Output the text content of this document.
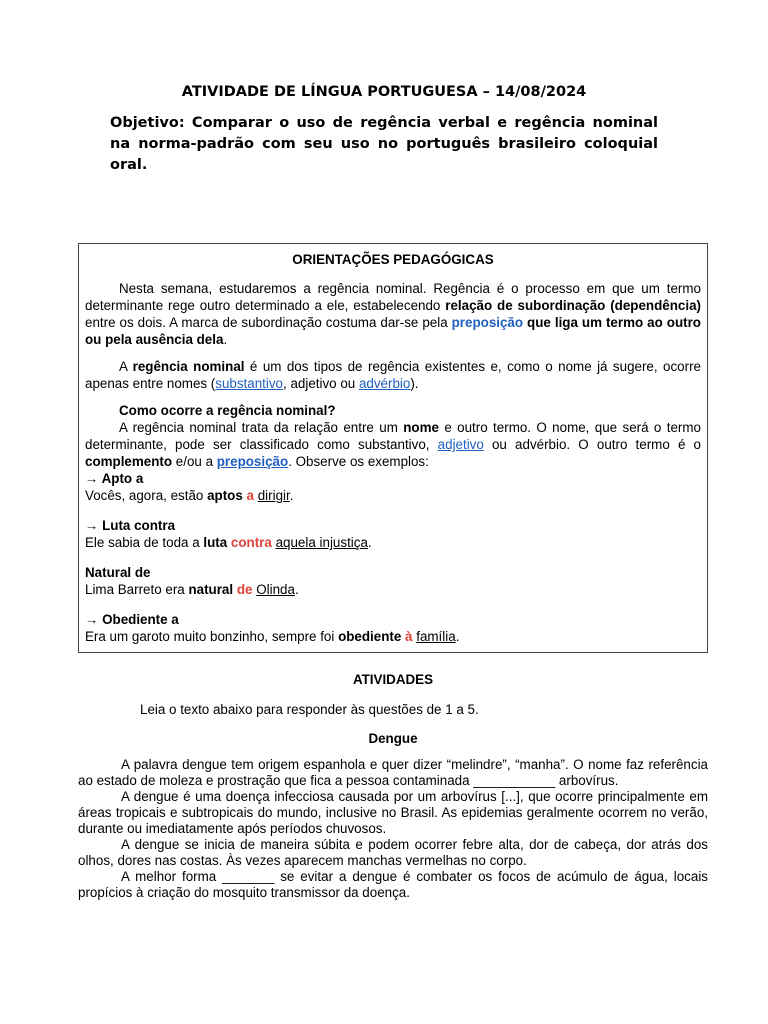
ATIVIDADE DE LÍNGUA PORTUGUESA – 14/08/2024
Objetivo: Comparar o uso de regência verbal e regência nominal na norma-padrão com seu uso no português brasileiro coloquial oral.
ORIENTAÇÕES PEDAGÓGICAS

Nesta semana, estudaremos a regência nominal. Regência é o processo em que um termo determinante rege outro determinado a ele, estabelecendo relação de subordinação (dependência) entre os dois. A marca de subordinação costuma dar-se pela preposição que liga um termo ao outro ou pela ausência dela.

A regência nominal é um dos tipos de regência existentes e, como o nome já sugere, ocorre apenas entre nomes (substantivo, adjetivo ou advérbio).

Como ocorre a regência nominal?

A regência nominal trata da relação entre um nome e outro termo. O nome, que será o termo determinante, pode ser classificado como substantivo, adjetivo ou advérbio. O outro termo é o complemento e/ou a preposição. Observe os exemplos:

→ Apto a
Vocês, agora, estão aptos a dirigir.
→ Luta contra
Ele sabia de toda a luta contra aquela injustiça.
Natural de
Lima Barreto era natural de Olinda.
→ Obediente a
Era um garoto muito bonzinho, sempre foi obediente à família.
ATIVIDADES
Leia o texto abaixo para responder às questões de 1 a 5.
Dengue

A palavra dengue tem origem espanhola e quer dizer “melindre”, “manha”. O nome faz referência ao estado de moleza e prostração que fica a pessoa contaminada ___________ arbovírus.

A dengue é uma doença infecciosa causada por um arbovírus [...], que ocorre principalmente em áreas tropicais e subtropicais do mundo, inclusive no Brasil. As epidemias geralmente ocorrem no verão, durante ou imediatamente após períodos chuvosos.

A dengue se inicia de maneira súbita e podem ocorrer febre alta, dor de cabeça, dor atrás dos olhos, dores nas costas. Às vezes aparecem manchas vermelhas no corpo.

A melhor forma _______ se evitar a dengue é combater os focos de acúmulo de água, locais propícios à criação do mosquito transmissor da doença.
